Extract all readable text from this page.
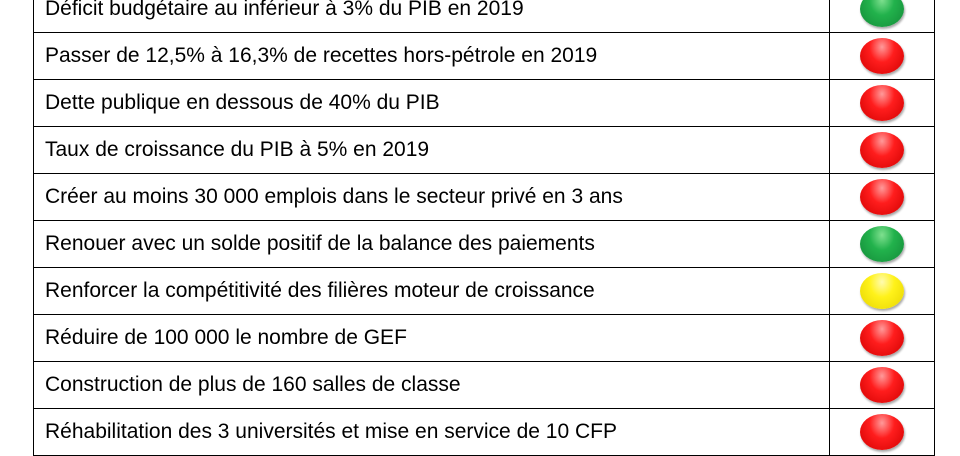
Déficit budgétaire au inférieur à 3% du PIB en 2019	
Passer de 12,5% à 16,3% de recettes hors-pétrole en 2019	
Dette publique en dessous de 40% du PIB	
Taux de croissance du PIB à 5% en 2019	
Créer au moins 30 000 emplois dans le secteur privé en 3 ans	
Renouer avec un solde positif de la balance des paiements	
Renforcer la compétitivité des filières moteur de croissance	
Réduire de 100 000 le nombre de GEF	
Construction de plus de 160 salles de classe	
Réhabilitation des 3 universités et mise en service de 10 CFP	
